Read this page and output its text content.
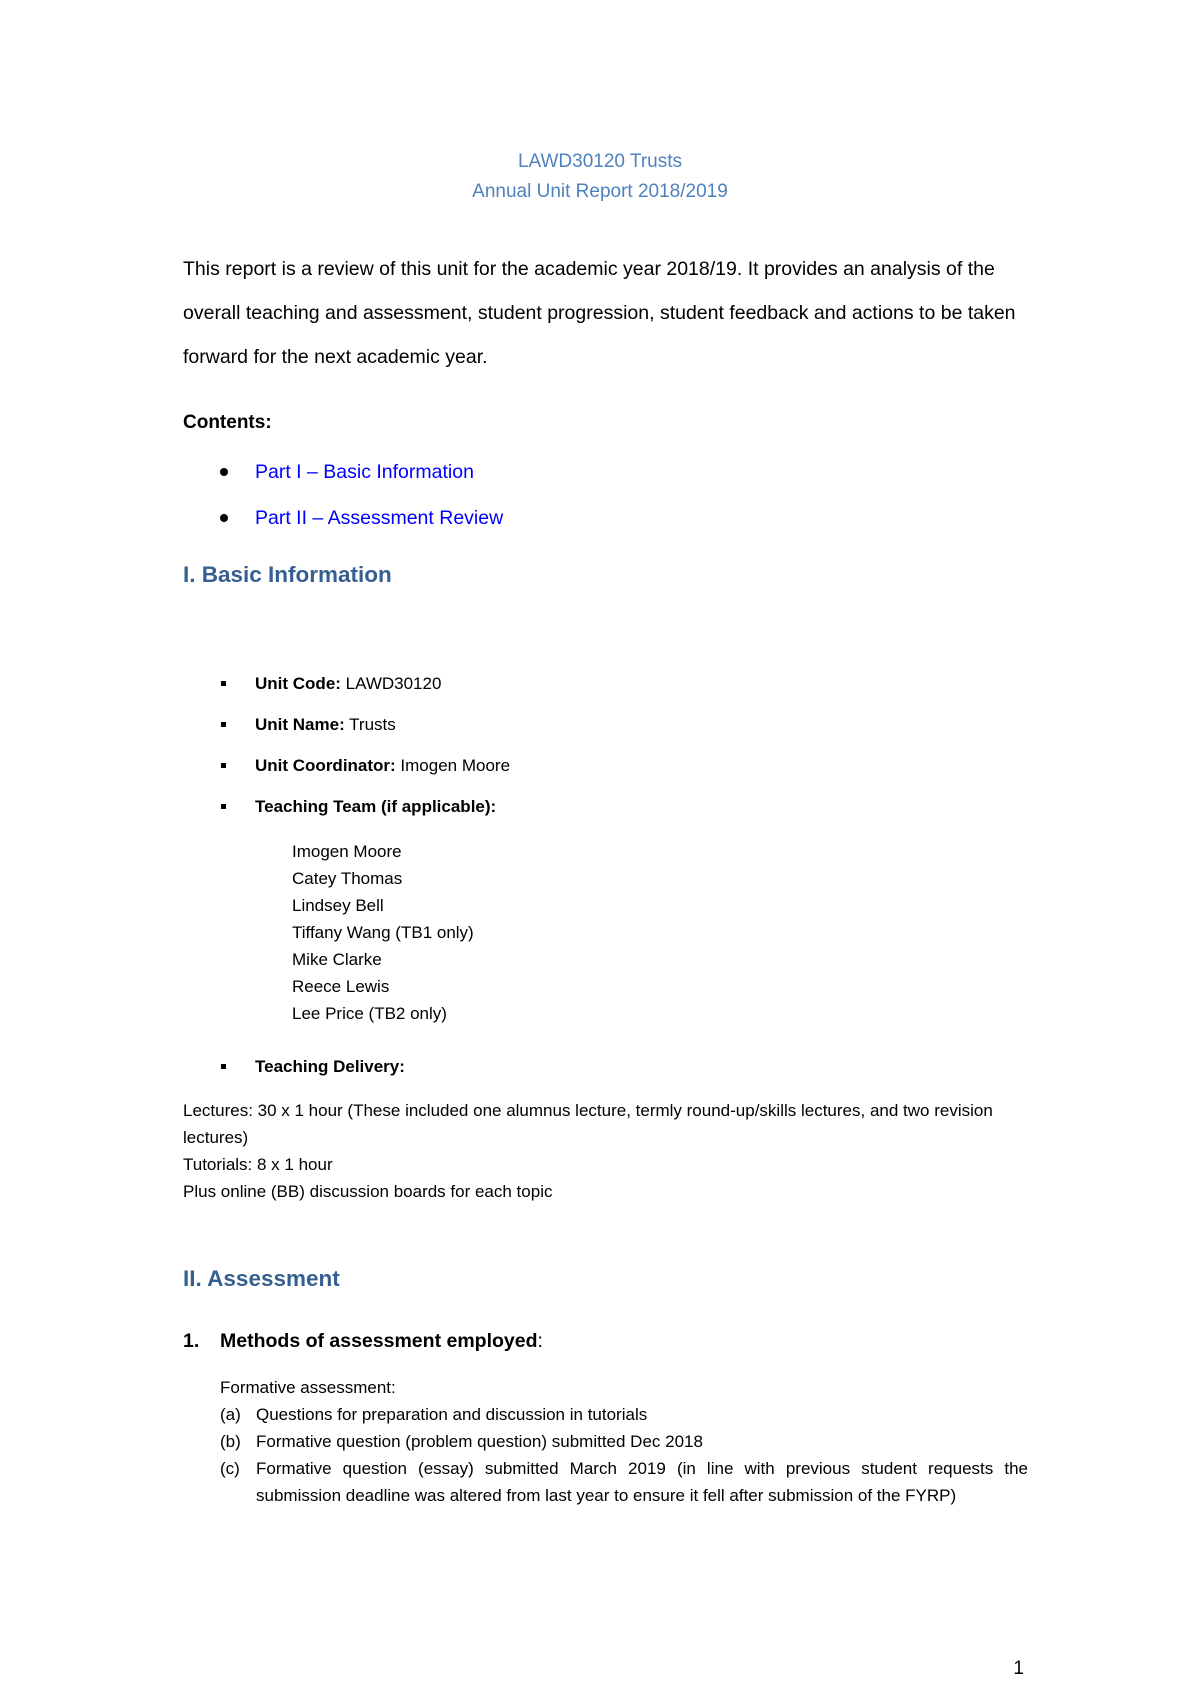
LAWD30120 Trusts
Annual Unit Report 2018/2019

This report is a review of this unit for the academic year 2018/19. It provides an analysis of the overall teaching and assessment, student progression, student feedback and actions to be taken forward for the next academic year.

Contents:

Part I – Basic Information
Part II – Assessment Review
I. Basic Information
Unit Code: LAWD30120
Unit Name: Trusts
Unit Coordinator: Imogen Moore
Teaching Team (if applicable):
Imogen Moore
Catey Thomas
Lindsey Bell
Tiffany Wang (TB1 only)
Mike Clarke
Reece Lewis
Lee Price (TB2 only)
Teaching Delivery:

Lectures: 30 x 1 hour (These included one alumnus lecture, termly round-up/skills lectures, and two revision lectures)

Tutorials: 8 x 1 hour

Plus online (BB) discussion boards for each topic

II. Assessment

1. Methods of assessment employed:

Formative assessment:

(a) Questions for preparation and discussion in tutorials
(b) Formative question (problem question) submitted Dec 2018
(c) Formative question (essay) submitted March 2019 (in line with previous student requests the submission deadline was altered from last year to ensure it fell after submission of the FYRP)
1
